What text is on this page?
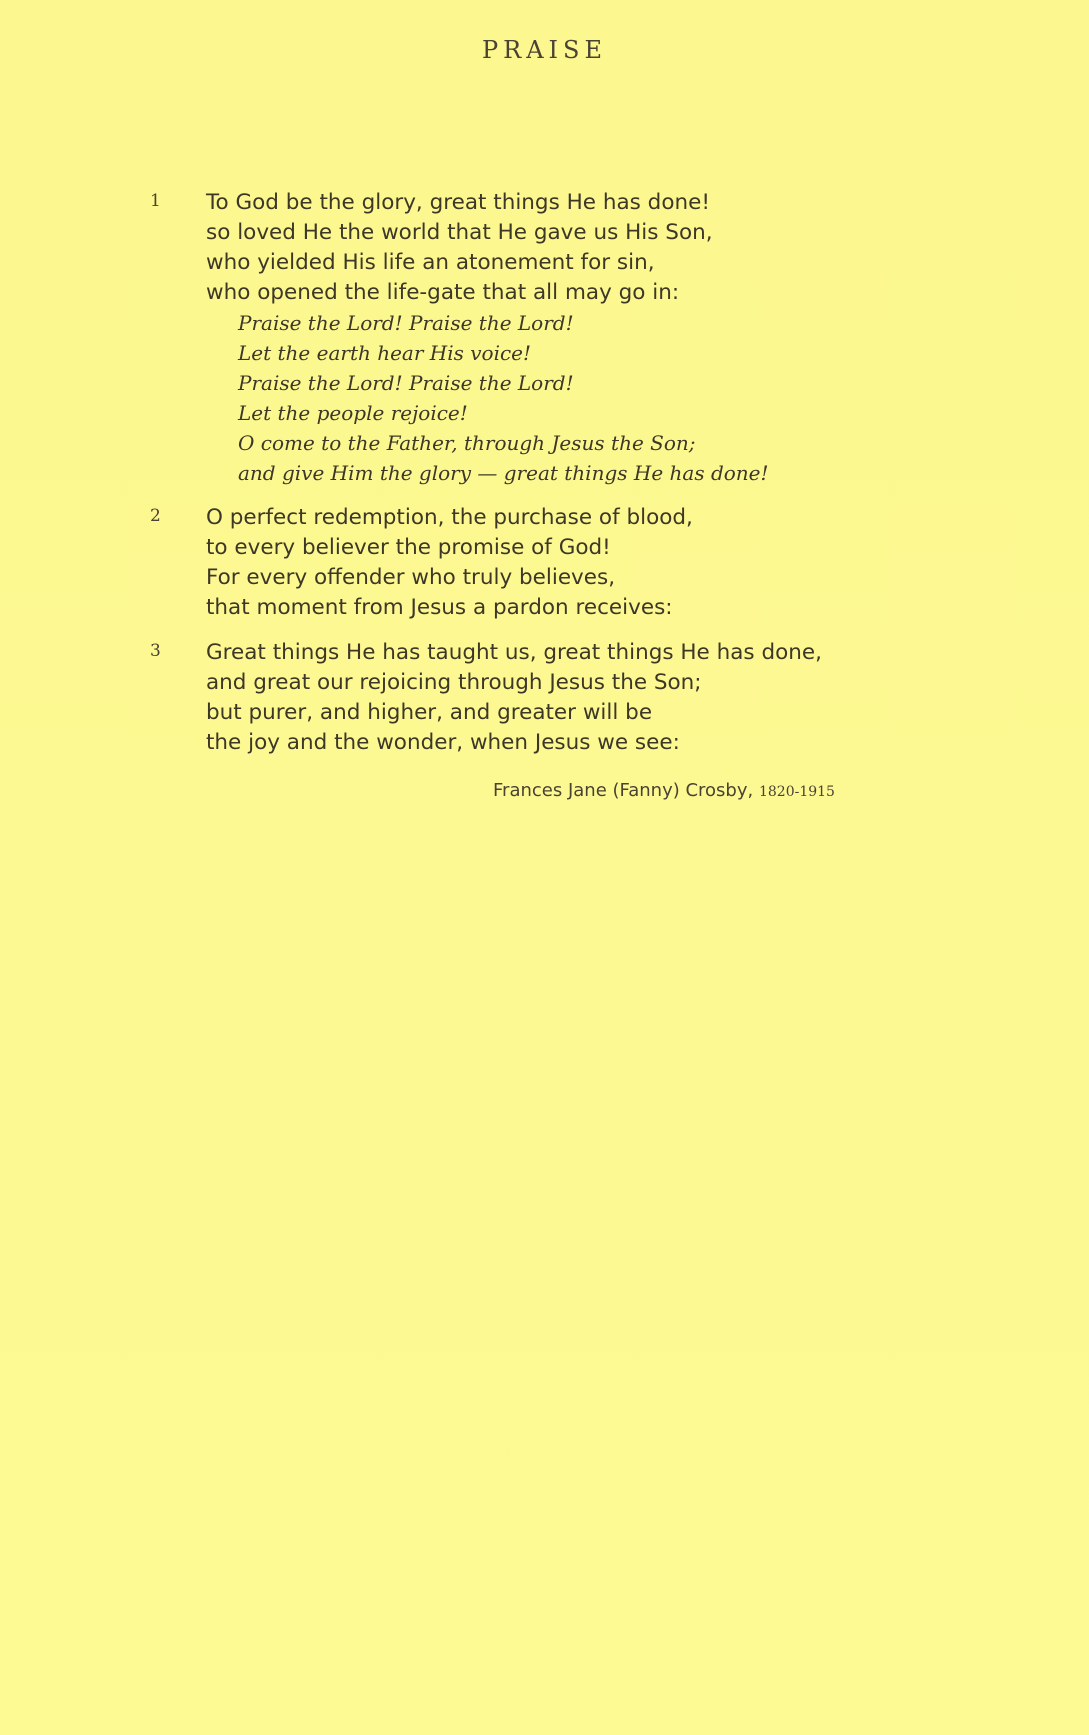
PRAISE
1	To God be the glory, great things He has done!
so loved He the world that He gave us His Son,
who yielded His life an atonement for sin,
who opened the life-gate that all may go in:
Praise the Lord! Praise the Lord!
Let the earth hear His voice!
Praise the Lord! Praise the Lord!
Let the people rejoice!
O come to the Father, through Jesus the Son;
and give Him the glory — great things He has done!
2	O perfect redemption, the purchase of blood,
to every believer the promise of God!
For every offender who truly believes,
that moment from Jesus a pardon receives:
3	Great things He has taught us, great things He has done,
and great our rejoicing through Jesus the Son;
but purer, and higher, and greater will be
the joy and the wonder, when Jesus we see:
Frances Jane (Fanny) Crosby, 1820-1915
